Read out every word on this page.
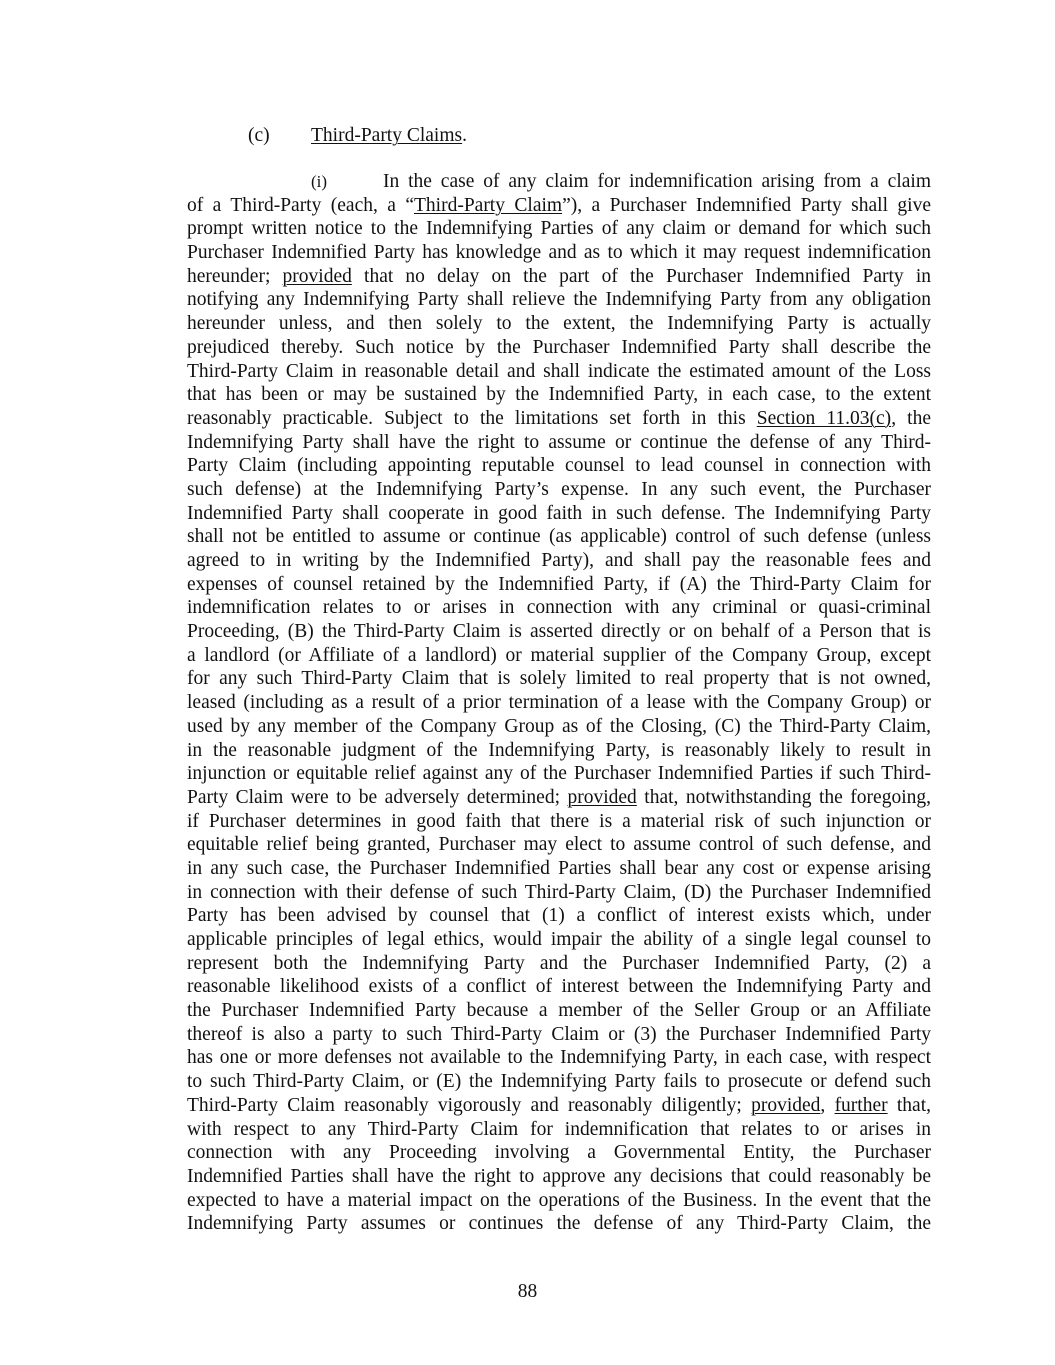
(c) Third-Party Claims.
(i)	In the case of any claim for indemnification arising from a claim
of a Third-Party (each, a “Third-Party Claim”), a Purchaser Indemnified Party shall give
prompt written notice to the Indemnifying Parties of any claim or demand for which such
Purchaser Indemnified Party has knowledge and as to which it may request indemnification
hereunder; provided that no delay on the part of the Purchaser Indemnified Party in
notifying any Indemnifying Party shall relieve the Indemnifying Party from any obligation
hereunder unless, and then solely to the extent, the Indemnifying Party is actually
prejudiced thereby. Such notice by the Purchaser Indemnified Party shall describe the
Third-Party Claim in reasonable detail and shall indicate the estimated amount of the Loss
that has been or may be sustained by the Indemnified Party, in each case, to the extent
reasonably practicable. Subject to the limitations set forth in this Section 11.03(c), the
Indemnifying Party shall have the right to assume or continue the defense of any Third-
Party Claim (including appointing reputable counsel to lead counsel in connection with
such defense) at the Indemnifying Party’s expense. In any such event, the Purchaser
Indemnified Party shall cooperate in good faith in such defense. The Indemnifying Party
shall not be entitled to assume or continue (as applicable) control of such defense (unless
agreed to in writing by the Indemnified Party), and shall pay the reasonable fees and
expenses of counsel retained by the Indemnified Party, if (A) the Third-Party Claim for
indemnification relates to or arises in connection with any criminal or quasi-criminal
Proceeding, (B) the Third-Party Claim is asserted directly or on behalf of a Person that is
a landlord (or Affiliate of a landlord) or material supplier of the Company Group, except
for any such Third-Party Claim that is solely limited to real property that is not owned,
leased (including as a result of a prior termination of a lease with the Company Group) or
used by any member of the Company Group as of the Closing, (C) the Third-Party Claim,
in the reasonable judgment of the Indemnifying Party, is reasonably likely to result in
injunction or equitable relief against any of the Purchaser Indemnified Parties if such Third-
Party Claim were to be adversely determined; provided that, notwithstanding the foregoing,
if Purchaser determines in good faith that there is a material risk of such injunction or
equitable relief being granted, Purchaser may elect to assume control of such defense, and
in any such case, the Purchaser Indemnified Parties shall bear any cost or expense arising
in connection with their defense of such Third-Party Claim, (D) the Purchaser Indemnified
Party has been advised by counsel that (1) a conflict of interest exists which, under
applicable principles of legal ethics, would impair the ability of a single legal counsel to
represent both the Indemnifying Party and the Purchaser Indemnified Party, (2) a
reasonable likelihood exists of a conflict of interest between the Indemnifying Party and
the Purchaser Indemnified Party because a member of the Seller Group or an Affiliate
thereof is also a party to such Third-Party Claim or (3) the Purchaser Indemnified Party
has one or more defenses not available to the Indemnifying Party, in each case, with respect
to such Third-Party Claim, or (E) the Indemnifying Party fails to prosecute or defend such
Third-Party Claim reasonably vigorously and reasonably diligently; provided, further that,
with respect to any Third-Party Claim for indemnification that relates to or arises in
connection with any Proceeding involving a Governmental Entity, the Purchaser
Indemnified Parties shall have the right to approve any decisions that could reasonably be
expected to have a material impact on the operations of the Business. In the event that the
Indemnifying Party assumes or continues the defense of any Third-Party Claim, the
88
